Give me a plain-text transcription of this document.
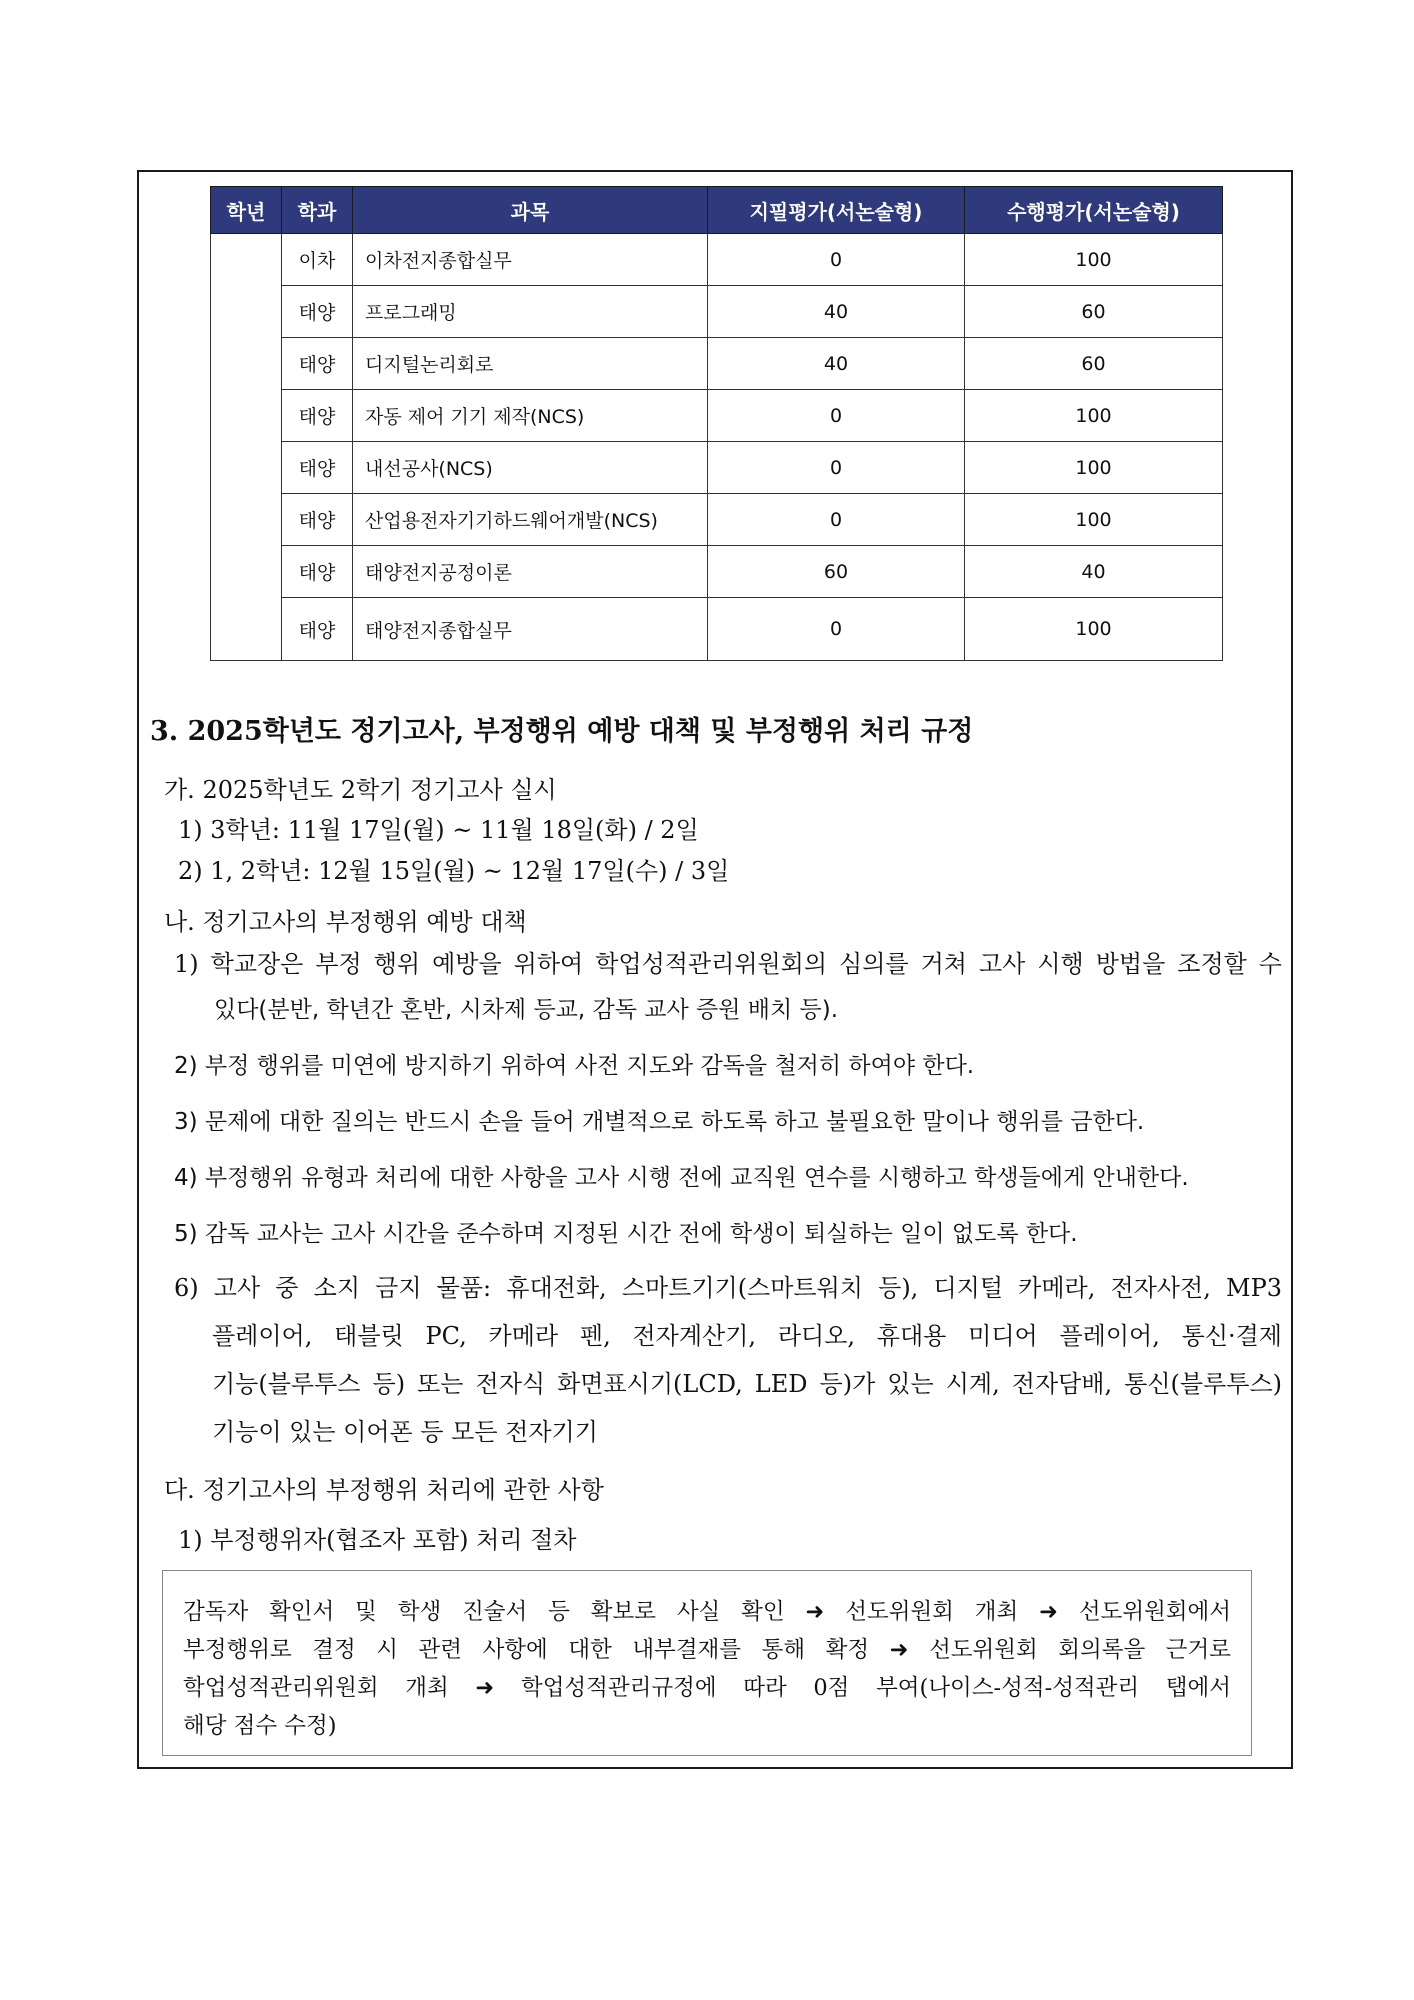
학년	학과	과목	지필평가(서논술형)	수행평가(서논술형)
	이차	이차전지종합실무	0	100
	태양	프로그래밍	40	60
	태양	디지털논리회로	40	60
	태양	자동 제어 기기 제작(NCS)	0	100
	태양	내선공사(NCS)	0	100
	태양	산업용전자기기하드웨어개발(NCS)	0	100
	태양	태양전지공정이론	60	40
	태양	태양전지종합실무	0	100
3. 2025학년도 정기고사, 부정행위 예방 대책 및 부정행위 처리 규정
가. 2025학년도 2학기 정기고사 실시
1) 3학년: 11월 17일(월) ~ 11월 18일(화) / 2일
2) 1, 2학년: 12월 15일(월) ~ 12월 17일(수) / 3일
나. 정기고사의 부정행위 예방 대책
1) 학교장은 부정 행위 예방을 위하여 학업성적관리위원회의 심의를 거쳐 고사 시행 방법을 조정할 수
있다(분반, 학년간 혼반, 시차제 등교, 감독 교사 증원 배치 등).
2) 부정 행위를 미연에 방지하기 위하여 사전 지도와 감독을 철저히 하여야 한다.
3) 문제에 대한 질의는 반드시 손을 들어 개별적으로 하도록 하고 불필요한 말이나 행위를 금한다.
4) 부정행위 유형과 처리에 대한 사항을 고사 시행 전에 교직원 연수를 시행하고 학생들에게 안내한다.
5) 감독 교사는 고사 시간을 준수하며 지정된 시간 전에 학생이 퇴실하는 일이 없도록 한다.
6) 고사 중 소지 금지 물품: 휴대전화, 스마트기기(스마트워치 등), 디지털 카메라, 전자사전, MP3
플레이어, 태블릿 PC, 카메라 펜, 전자계산기, 라디오, 휴대용 미디어 플레이어, 통신·결제
기능(블루투스 등) 또는 전자식 화면표시기(LCD, LED 등)가 있는 시계, 전자담배, 통신(블루투스)
기능이 있는 이어폰 등 모든 전자기기
다. 정기고사의 부정행위 처리에 관한 사항
1) 부정행위자(협조자 포함) 처리 절차
감독자 확인서 및 학생 진술서 등 확보로 사실 확인 ➜ 선도위원회 개최 ➜ 선도위원회에서
부정행위로 결정 시 관련 사항에 대한 내부결재를 통해 확정 ➜ 선도위원회 회의록을 근거로
학업성적관리위원회 개최 ➜ 학업성적관리규정에 따라 0점 부여(나이스-성적-성적관리 탭에서
해당 점수 수정)
